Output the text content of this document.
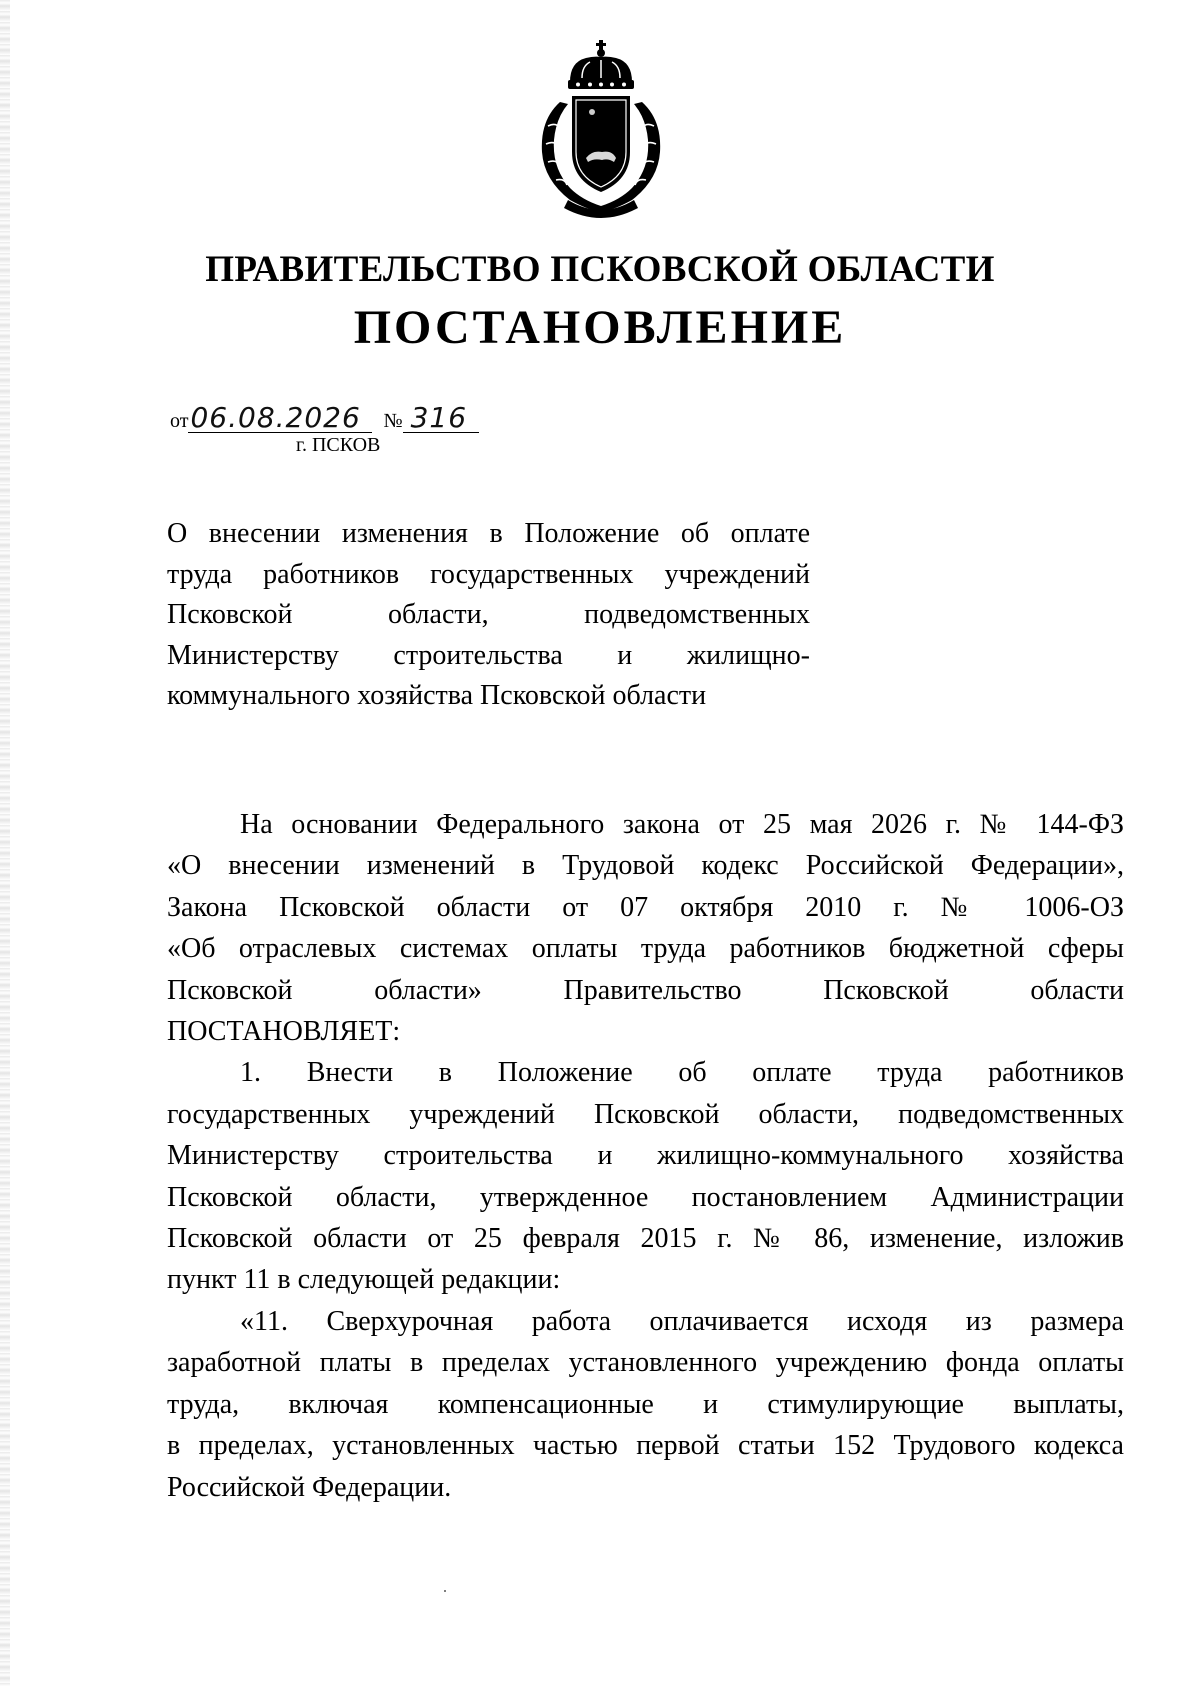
ПРАВИТЕЛЬСТВО ПСКОВСКОЙ ОБЛАСТИ
ПОСТАНОВЛЕНИЕ
от06.08.2026 № 316
г. ПСКОВ
О внесении изменения в Положение об оплате
труда работников государственных учреждений
Псковской области, подведомственных
Министерству строительства и жилищно-
коммунального хозяйства Псковской области
На основании Федерального закона от 25 мая 2026 г. № 144-ФЗ
«О внесении изменений в Трудовой кодекс Российской Федерации»,
Закона Псковской области от 07 октября 2010 г. № 1006-ОЗ
«Об отраслевых системах оплаты труда работников бюджетной сферы
Псковской области» Правительство Псковской области
ПОСТАНОВЛЯЕТ:
1. Внести в Положение об оплате труда работников
государственных учреждений Псковской области, подведомственных
Министерству строительства и жилищно-коммунального хозяйства
Псковской области, утвержденное постановлением Администрации
Псковской области от 25 февраля 2015 г. № 86, изменение, изложив
пункт 11 в следующей редакции:
«11. Сверхурочная работа оплачивается исходя из размера
заработной платы в пределах установленного учреждению фонда оплаты
труда, включая компенсационные и стимулирующие выплаты,
в пределах, установленных частью первой статьи 152 Трудового кодекса
Российской Федерации.
